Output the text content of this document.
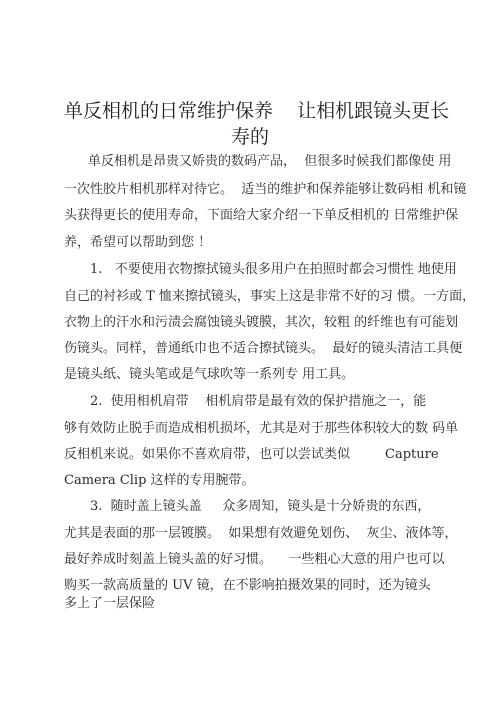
单反相机的日常维护保养    让相机跟镜头更长
寿的

单反相机是昂贵又娇贵的数码产品，  但很多时候我们都像使 用

一次性胶片相机那样对待它。  适当的维护和保养能够让数码相 机和镜

头获得更长的使用寿命，下面给大家介绍一下单反相机的 日常维护保

养，希望可以帮助到您 ！

1.   不要使用衣物擦拭镜头很多用户在拍照时都会习惯性 地使用

自己的衬衫或 T 恤来擦拭镜头，事实上这是非常不好的习 惯。一方面，

衣物上的汗水和污渍会腐蚀镜头镀膜，其次，较粗 的纤维也有可能划

伤镜头。同样，普通纸巾也不适合擦拭镜头。  最好的镜头清洁工具便

是镜头纸、镜头笔或是气球吹等一系列专 用工具。

2.  使用相机肩带    相机肩带是最有效的保护措施之一，能

够有效防止脱手而造成相机损坏，尤其是对于那些体积较大的数 码单

反相机来说。如果你不喜欢肩带，也可以尝试类似	Capture

Camera Clip 这样的专用腕带。

3.  随时盖上镜头盖     众多周知，镜头是十分娇贵的东西，

尤其是表面的那一层镀膜。  如果想有效避免划伤、  灰尘、液体等，

最好养成时刻盖上镜头盖的好习惯。    一些粗心大意的用户也可以

购买一款高质量的 UV 镜，在不影响拍摄效果的同时，还为镜头

多上了一层保险
